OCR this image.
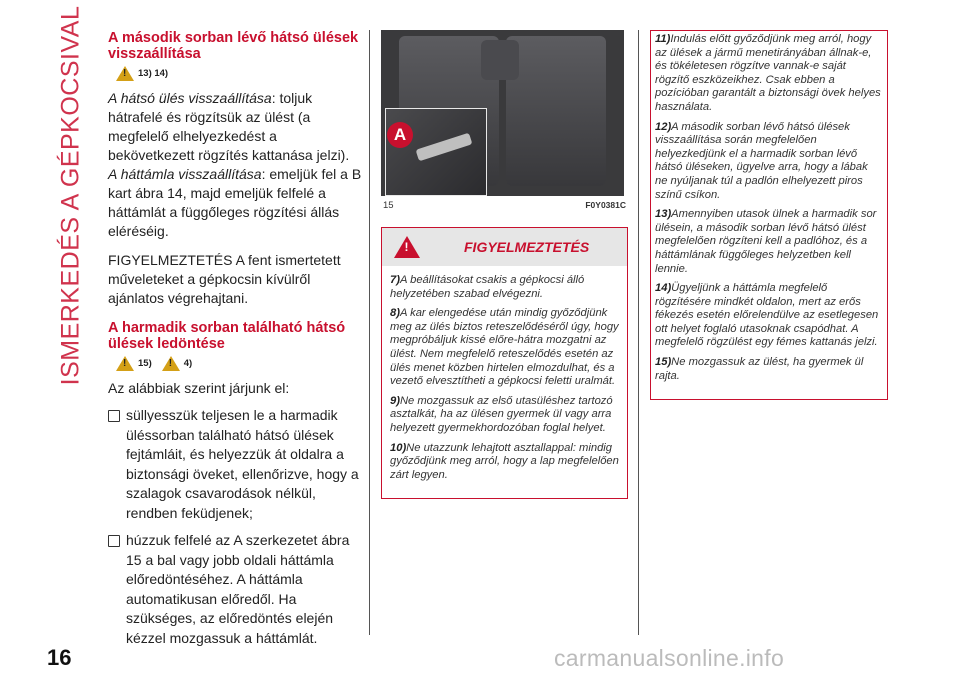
ISMERKEDÉS A GÉPKOCSIVAL A második sorban lévő hátsó ülések visszaállítása
!
13) 14)

A hátsó ülés visszaállítása: toljuk hátrafelé és rögzítsük az ülést (a megfelelő elhelyezkedést a bekövetkezett rögzítés kattanása jelzi).

A háttámla visszaállítása: emeljük fel a B kart ábra 14, majd emeljük felfelé a háttámlát a függőleges rögzítési állás eléréséig.

FIGYELMEZTETÉS A fent ismertetett műveleteket a gépkocsin kívülről ajánlatos végrehajtani.

A harmadik sorban található hátsó ülések ledöntése
!
15)
!	4)

Az alábbiak szerint járjunk el:

süllyesszük teljesen le a harmadik üléssorban található hátsó ülések fejtámláit, és helyezzük át oldalra a biztonsági öveket, ellenőrizve, hogy a szalagok csavarodások nélkül, rendben feküdjenek;
húzzuk felfelé az A szerkezetet ábra 15 a bal vagy jobb oldali háttámla előredöntéséhez. A háttámla automatikusan előredől. Ha szükséges, az előredöntés elején kézzel mozgassuk a háttámlát.
A
15	F0Y0381C
!
FIGYELMEZTETÉS

7)A beállításokat csakis a gépkocsi álló helyzetében szabad elvégezni.

8)A kar elengedése után mindig győződjünk meg az ülés biztos reteszelődéséről úgy, hogy megpróbáljuk kissé előre-hátra mozgatni az ülést. Nem megfelelő reteszelődés esetén az ülés menet közben hirtelen elmozdulhat, és a vezető elvesztítheti a gépkocsi feletti uralmát.

9)Ne mozgassuk az első utasüléshez tartozó asztalkát, ha az ülésen gyermek ül vagy arra helyezett gyermekhordozóban foglal helyet.

10)Ne utazzunk lehajtott asztallappal: mindig győződjünk meg arról, hogy a lap megfelelően zárt legyen.

11)Indulás előtt győződjünk meg arról, hogy az ülések a jármű menetirányában állnak-e, és tökéletesen rögzítve vannak-e saját rögzítő eszközeikhez. Csak ebben a pozícióban garantált a biztonsági övek helyes használata.

12)A második sorban lévő hátsó ülések visszaállítása során megfelelően helyezkedjünk el a harmadik sorban lévő hátsó üléseken, ügyelve arra, hogy a lábak ne nyúljanak túl a padlón elhelyezett piros színű csíkon.

13)Amennyiben utasok ülnek a harmadik sor ülésein, a második sorban lévő hátsó ülést megfelelően rögzíteni kell a padlóhoz, és a háttámlának függőleges helyzetben kell lennie.

14)Ügyeljünk a háttámla megfelelő rögzítésére mindkét oldalon, mert az erős fékezés esetén előrelendülve az esetlegesen ott helyet foglaló utasoknak csapódhat. A megfelelő rögzülést egy fémes kattanás jelzi.

15)Ne mozgassuk az ülést, ha gyermek ül rajta.

16	carmanualsonline.info
